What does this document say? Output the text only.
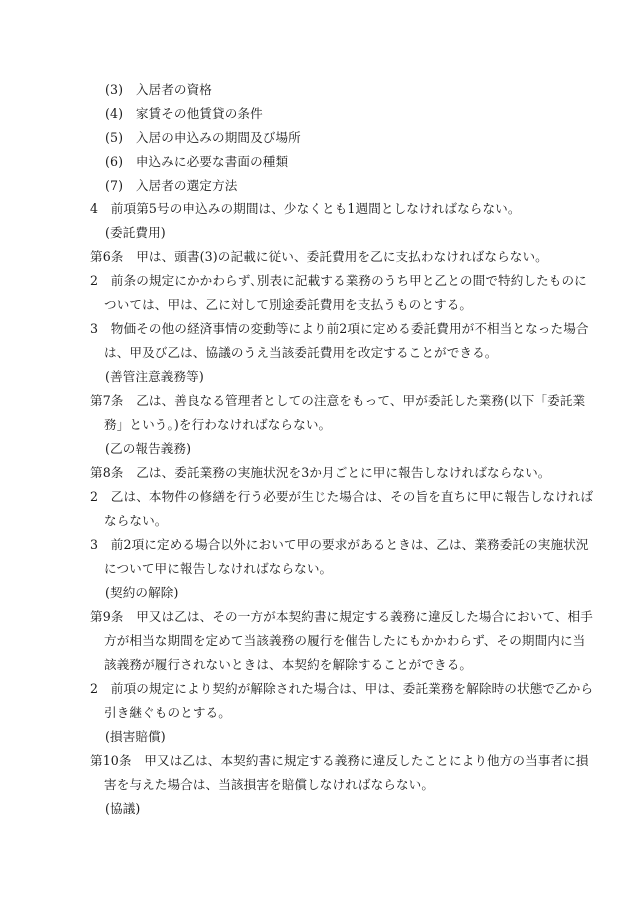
(3)　入居者の資格
(4)　家賃その他賃貸の条件
(5)　入居の申込みの期間及び場所
(6)　申込みに必要な書面の種類
(7)　入居者の選定方法
4　前項第5号の申込みの期間は、少なくとも1週間としなければならない。
(委託費用)
第6条　甲は、頭書(3)の記載に従い、委託費用を乙に支払わなければならない。
2　前条の規定にかかわらず､別表に記載する業務のうち甲と乙との間で特約したものに
ついては、甲は、乙に対して別途委託費用を支払うものとする。
3　物価その他の経済事情の変動等により前2項に定める委託費用が不相当となった場合
は、甲及び乙は、協議のうえ当該委託費用を改定することができる。
(善管注意義務等)
第7条　乙は、善良なる管理者としての注意をもって、甲が委託した業務(以下「委託業
務」という。)を行わなければならない。
(乙の報告義務)
第8条　乙は、委託業務の実施状況を3か月ごとに甲に報告しなければならない。
2　乙は、本物件の修繕を行う必要が生じた場合は、その旨を直ちに甲に報告しなければ
ならない。
3　前2項に定める場合以外において甲の要求があるときは、乙は、業務委託の実施状況
について甲に報告しなければならない。
(契約の解除)
第9条　甲又は乙は、その一方が本契約書に規定する義務に違反した場合において、相手
方が相当な期間を定めて当該義務の履行を催告したにもかかわらず、その期間内に当
該義務が履行されないときは、本契約を解除することができる。
2　前項の規定により契約が解除された場合は、甲は、委託業務を解除時の状態で乙から
引き継ぐものとする。
(損害賠償)
第10条　甲又は乙は、本契約書に規定する義務に違反したことにより他方の当事者に損
害を与えた場合は、当該損害を賠償しなければならない。
(協議)
